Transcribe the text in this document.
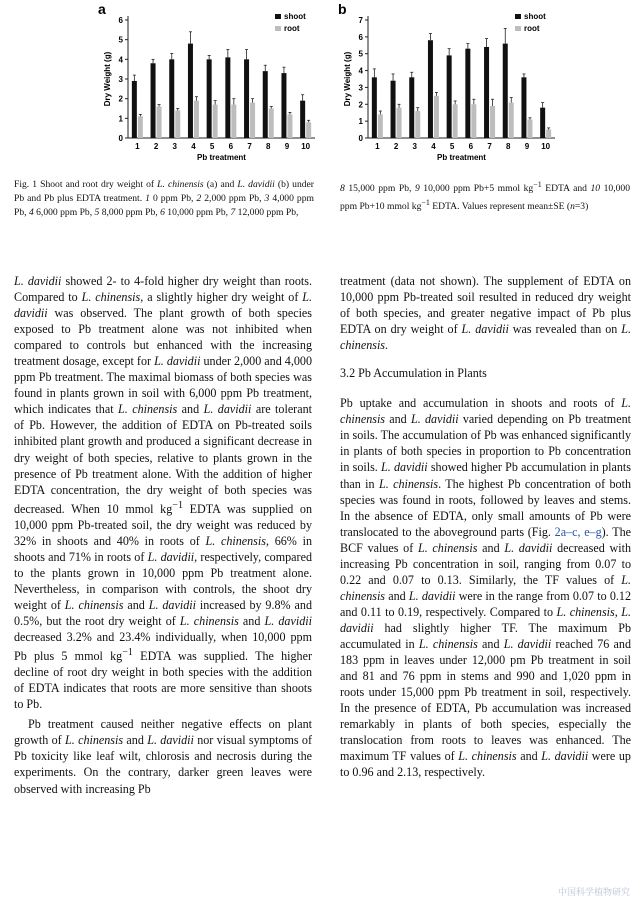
a
0
1
2
3
4
5
6
Dry Weight (g)
1 2 3 4 5 6 7 8 9 10
Pb treatment
shoot
root
b
0
1
2
3
4
5
6
7
Dry Weight (g)
1 2 3 4 5 6 7 8 9 10
Pb treatment
shoot
root
Fig. 1 Shoot and root dry weight of L. chinensis (a) and L. davidii (b) under Pb and Pb plus EDTA treatment. 1 0 ppm Pb, 2 2,000 ppm Pb, 3 4,000 ppm Pb, 4 6,000 ppm Pb, 5 8,000 ppm Pb, 6 10,000 ppm Pb, 7 12,000 ppm Pb,
8 15,000 ppm Pb, 9 10,000 ppm Pb+5 mmol $kg^{-1}$ EDTA and 10 10,000 ppm Pb+10 mmol $kg^{-1}$ EDTA. Values represent mean±SE (n=3)

L. davidii showed 2- to 4-fold higher dry weight than roots. Compared to L. chinensis, a slightly higher dry weight of L. davidii was observed. The plant growth of both species exposed to Pb treatment alone was not inhibited when compared to controls but enhanced with the increasing treatment dosage, except for L. davidii under 2,000 and 4,000 ppm Pb treatment. The maximal biomass of both species was found in plants grown in soil with 6,000 ppm Pb treatment, which indicates that L. chinensis and L. davidii are tolerant of Pb. However, the addition of EDTA on Pb-treated soils inhibited plant growth and produced a significant decrease in dry weight of both species, relative to plants grown in the presence of Pb treatment alone. With the addition of higher EDTA concentration, the dry weight of both species was decreased. When 10 mmol $kg^{-1}$ EDTA was supplied on 10,000 ppm Pb-treated soil, the dry weight was reduced by 32% in shoots and 40% in roots of L. chinensis, 66% in shoots and 71% in roots of L. davidii, respectively, compared to the plants grown in 10,000 ppm Pb treatment alone. Nevertheless, in comparison with controls, the shoot dry weight of L. chinensis and L. davidii increased by 9.8% and 0.5%, but the root dry weight of L. chinensis and L. davidii decreased 3.2% and 23.4% individually, when 10,000 ppm Pb plus 5 mmol $kg^{-1}$ EDTA was supplied. The higher decline of root dry weight in both species with the addition of EDTA indicates that roots are more sensitive than shoots to Pb.

Pb treatment caused neither negative effects on plant growth of L. chinensis and L. davidii nor visual symptoms of Pb toxicity like leaf wilt, chlorosis and necrosis during the experiments. On the contrary, darker green leaves were observed with increasing Pb

treatment (data not shown). The supplement of EDTA on 10,000 ppm Pb-treated soil resulted in reduced dry weight of both species, and greater negative impact of Pb plus EDTA on dry weight of L. davidii was revealed than on L. chinensis.

3.2 Pb Accumulation in Plants

Pb uptake and accumulation in shoots and roots of L. chinensis and L. davidii varied depending on Pb treatment in soils. The accumulation of Pb was enhanced significantly in plants of both species in proportion to Pb concentration in soils. L. davidii showed higher Pb accumulation in plants than in L. chinensis. The highest Pb concentration of both species was found in roots, followed by leaves and stems. In the absence of EDTA, only small amounts of Pb were translocated to the aboveground parts (Fig. 2a–c, e–g). The BCF values of L. chinensis and L. davidii decreased with increasing Pb concentration in soil, ranging from 0.07 to 0.22 and 0.07 to 0.13. Similarly, the TF values of L. chinensis and L. davidii were in the range from 0.07 to 0.12 and 0.11 to 0.19, respectively. Compared to L. chinensis, L. davidii had slightly higher TF. The maximum Pb accumulated in L. chinensis and L. davidii reached 76 and 183 ppm in leaves under 12,000 pm Pb treatment in soil and 81 and 76 ppm in stems and 990 and 1,020 ppm in roots under 15,000 ppm Pb treatment in soil, respectively. In the presence of EDTA, Pb accumulation was increased remarkably in plants of both species, especially the translocation from roots to leaves was enhanced. The maximum TF values of L. chinensis and L. davidii were up to 0.96 and 2.13, respectively.

中国科学植物研究
